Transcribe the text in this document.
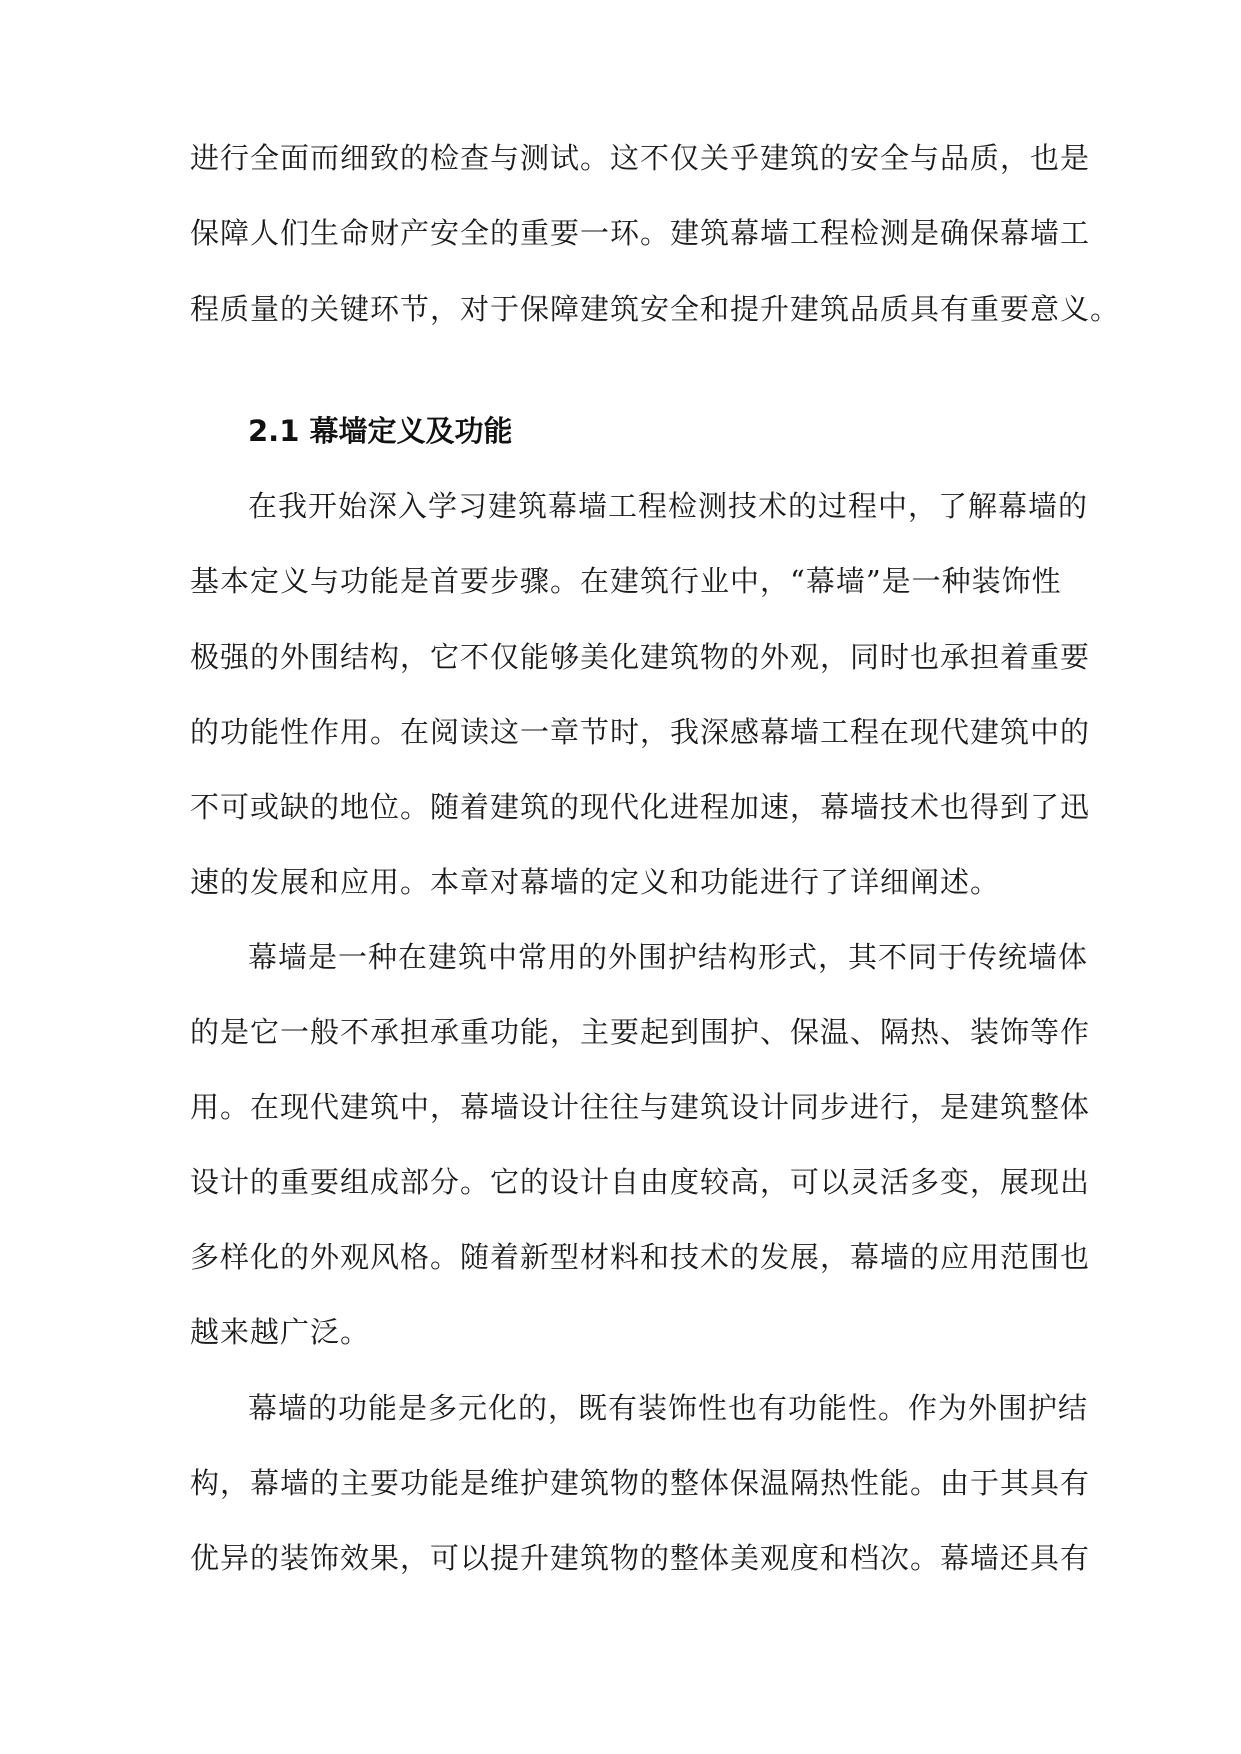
进行全面而细致的检查与测试。这不仅关乎建筑的安全与品质，也是
保障人们生命财产安全的重要一环。建筑幕墙工程检测是确保幕墙工
程质量的关键环节，对于保障建筑安全和提升建筑品质具有重要意义。
2.1 幕墙定义及功能
在我开始深入学习建筑幕墙工程检测技术的过程中，了解幕墙的
基本定义与功能是首要步骤。在建筑行业中，“幕墙”是一种装饰性
极强的外围结构，它不仅能够美化建筑物的外观，同时也承担着重要
的功能性作用。在阅读这一章节时，我深感幕墙工程在现代建筑中的
不可或缺的地位。随着建筑的现代化进程加速，幕墙技术也得到了迅
速的发展和应用。本章对幕墙的定义和功能进行了详细阐述。
幕墙是一种在建筑中常用的外围护结构形式，其不同于传统墙体
的是它一般不承担承重功能，主要起到围护、保温、隔热、装饰等作
用。在现代建筑中，幕墙设计往往与建筑设计同步进行，是建筑整体
设计的重要组成部分。它的设计自由度较高，可以灵活多变，展现出
多样化的外观风格。随着新型材料和技术的发展，幕墙的应用范围也
越来越广泛。
幕墙的功能是多元化的，既有装饰性也有功能性。作为外围护结
构，幕墙的主要功能是维护建筑物的整体保温隔热性能。由于其具有
优异的装饰效果，可以提升建筑物的整体美观度和档次。幕墙还具有
